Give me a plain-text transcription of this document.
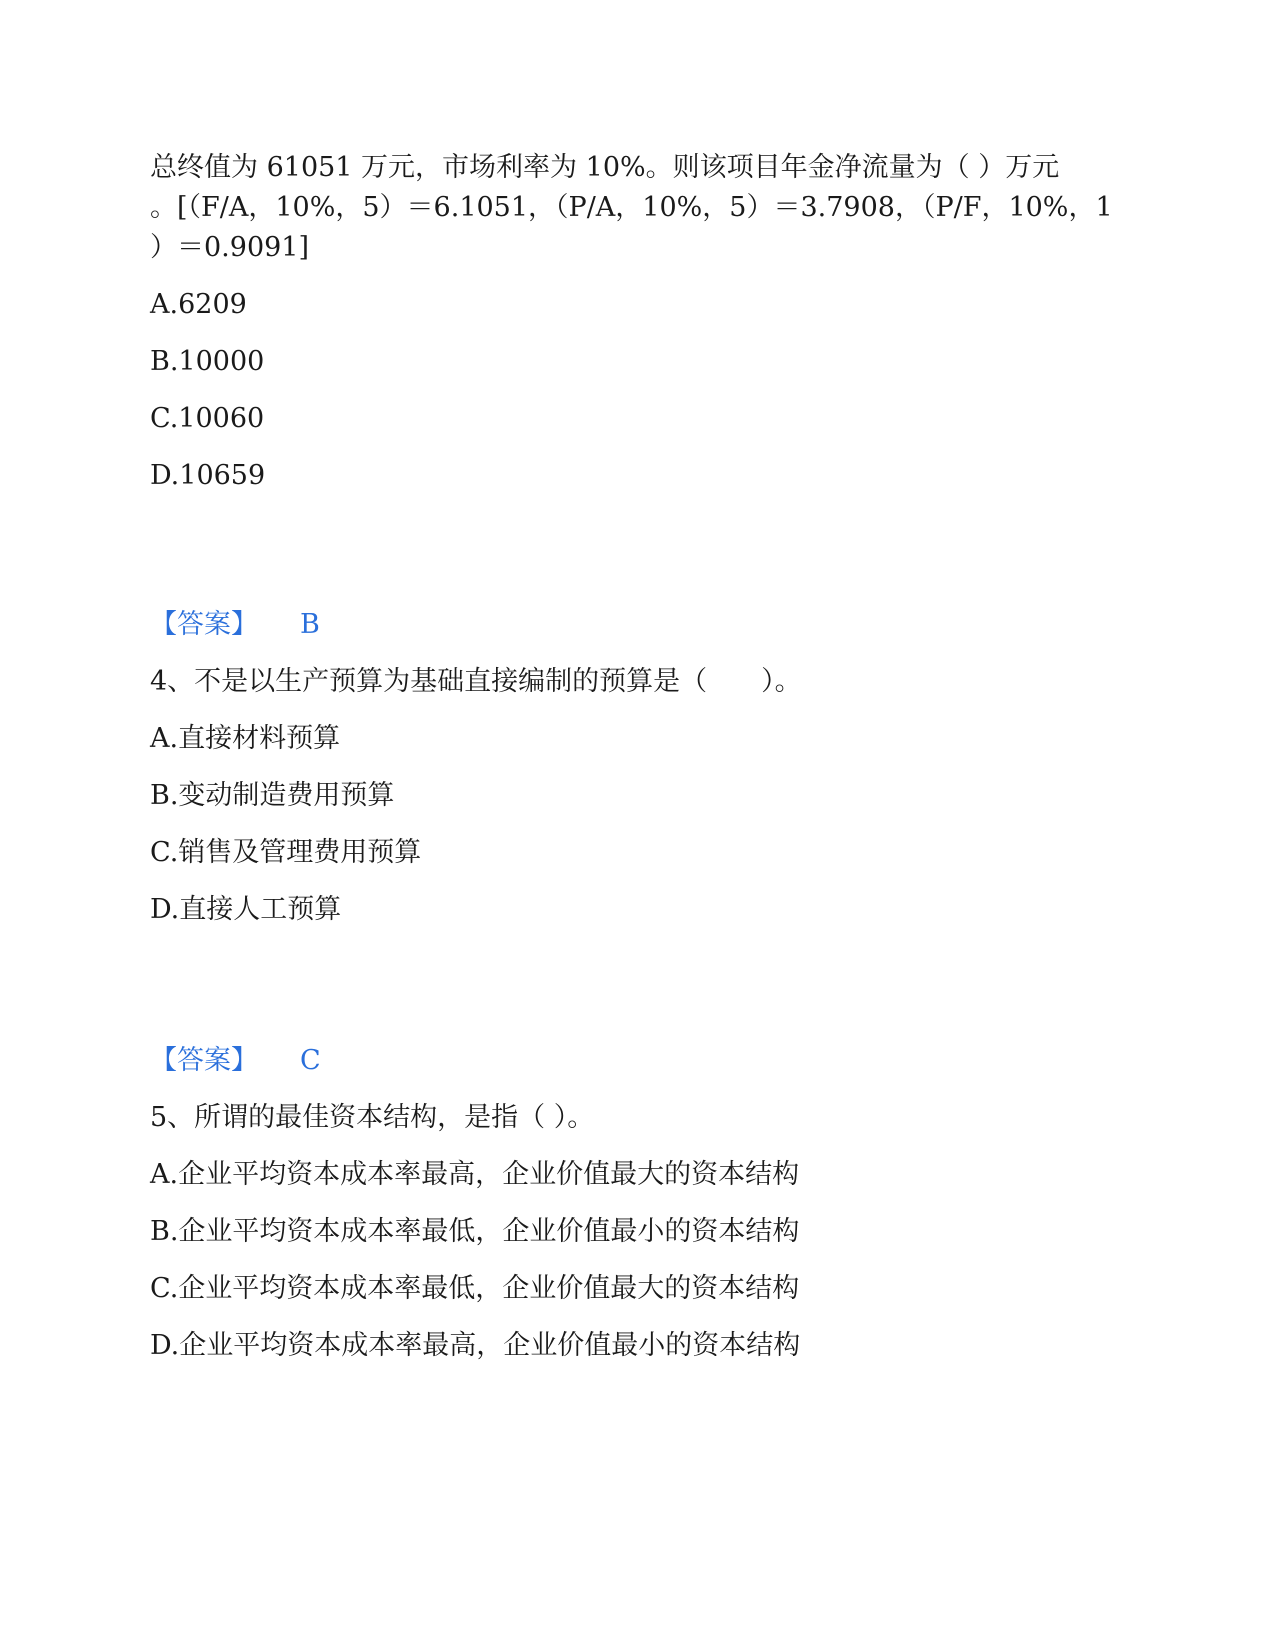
总终值为 61051 万元，市场利率为 10%。则该项目年金净流量为（ ）万元
。[（F/A，10%，5）＝6.1051，（P/A，10%，5）＝3.7908，（P/F，10%，1
）＝0.9091]
A.6209
B.10000
C.10060
D.10659
【答案】 B
4、不是以生产预算为基础直接编制的预算是（　　）。
A.直接材料预算
B.变动制造费用预算
C.销售及管理费用预算
D.直接人工预算
【答案】 C
5、所谓的最佳资本结构，是指（ ）。
A.企业平均资本成本率最高，企业价值最大的资本结构
B.企业平均资本成本率最低，企业价值最小的资本结构
C.企业平均资本成本率最低，企业价值最大的资本结构
D.企业平均资本成本率最高，企业价值最小的资本结构
